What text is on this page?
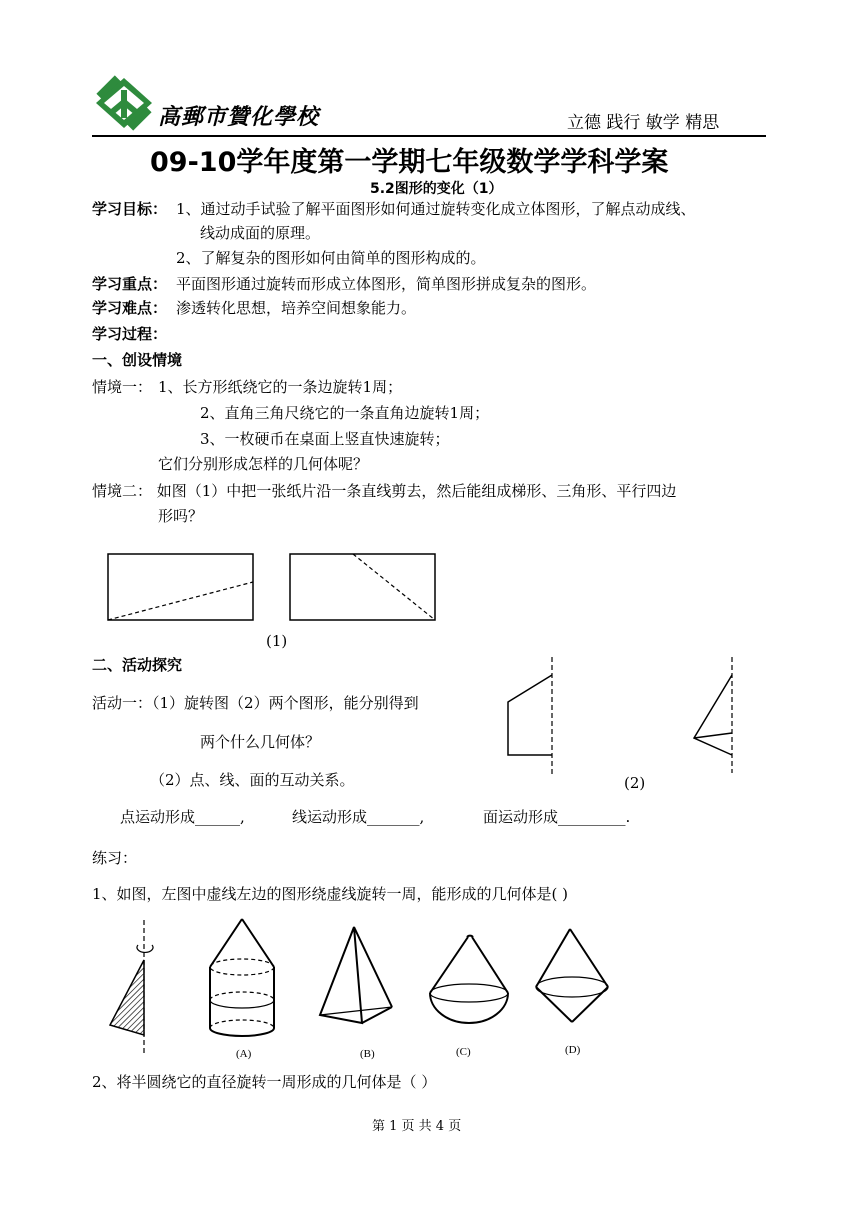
高郵市贊化學校	立德 践行 敏学 精思
09-10学年度第一学期七年级数学学科学案
5.2图形的变化（1）
学习目标： 1、通过动手试验了解平面图形如何通过旋转变化成立体图形，了解点动成线、
线动成面的原理。
2、了解复杂的图形如何由简单的图形构成的。
学习重点： 平面图形通过旋转而形成立体图形，简单图形拼成复杂的图形。
学习难点： 渗透转化思想，培养空间想象能力。
学习过程：
一、创设情境
情境一： 1、长方形纸绕它的一条边旋转1周；
2、直角三角尺绕它的一条直角边旋转1周；
3、一枚硬币在桌面上竖直快速旋转；
它们分别形成怎样的几何体呢？
情境二： 如图（1）中把一张纸片沿一条直线剪去，然后能组成梯形、三角形、平行四边
形吗？
(1)
二、活动探究
活动一：（1）旋转图（2）两个图形，能分别得到
两个什么几何体？
（2）点、线、面的互动关系。	(2)
点运动形成______,	线运动形成_______,	面运动形成_________.
练习：
1、如图，左图中虚线左边的图形绕虚线旋转一周，能形成的几何体是( )
(A)	(B)	(C)	(D)
2、将半圆绕它的直径旋转一周形成的几何体是（ ）
第 1 页 共 4 页
